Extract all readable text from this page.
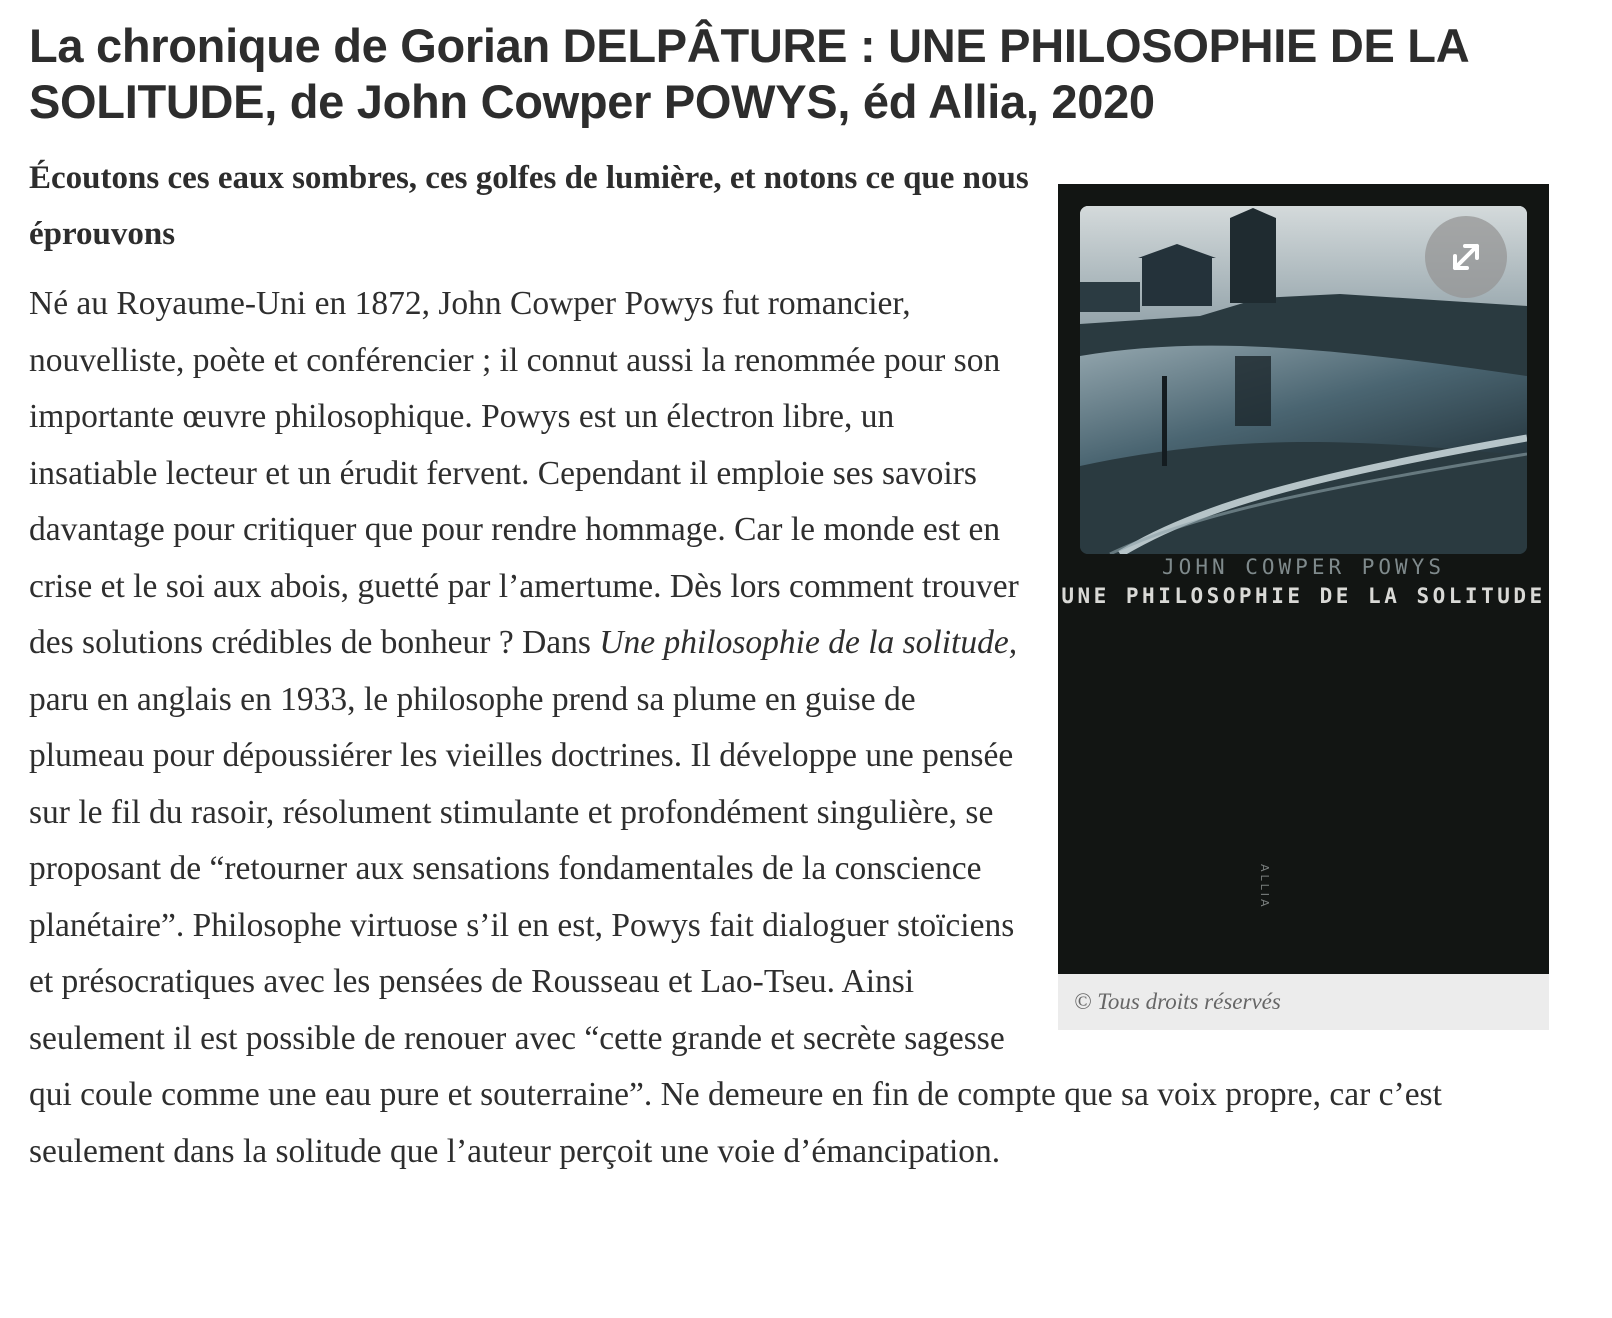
La chronique de Gorian DELPÂTURE : UNE PHILOSOPHIE DE LA SOLITUDE, de John Cowper POWYS, éd Allia, 2020
Écoutons ces eaux sombres, ces golfes de lumière, et notons ce que nous éprouvons
JOHN COWPER POWYS
UNE PHILOSOPHIE DE LA SOLITUDE
ALLIA
© Tous droits réservés
Né au Royaume-Uni en 1872, John Cowper Powys fut romancier, nouvelliste, poète et conférencier ; il connut aussi la renommée pour son importante œuvre philosophique. Powys est un électron libre, un insatiable lecteur et un érudit fervent. Cependant il emploie ses savoirs davantage pour critiquer que pour rendre hommage. Car le monde est en crise et le soi aux abois, guetté par l’amertume. Dès lors comment trouver des solutions crédibles de bonheur ? Dans Une philosophie de la solitude, paru en anglais en 1933, le philosophe prend sa plume en guise de plumeau pour dépoussiérer les vieilles doctrines. Il développe une pensée sur le fil du rasoir, résolument stimulante et profondément singulière, se proposant de “retourner aux sensations fondamentales de la conscience planétaire”. Philosophe virtuose s’il en est, Powys fait dialoguer stoïciens et présocratiques avec les pensées de Rousseau et Lao-Tseu. Ainsi seulement il est possible de renouer avec “cette grande et secrète sagesse qui coule comme une eau pure et souterraine”. Ne demeure en fin de compte que sa voix propre, car c’est seulement dans la solitude que l’auteur perçoit une voie d’émancipation.
